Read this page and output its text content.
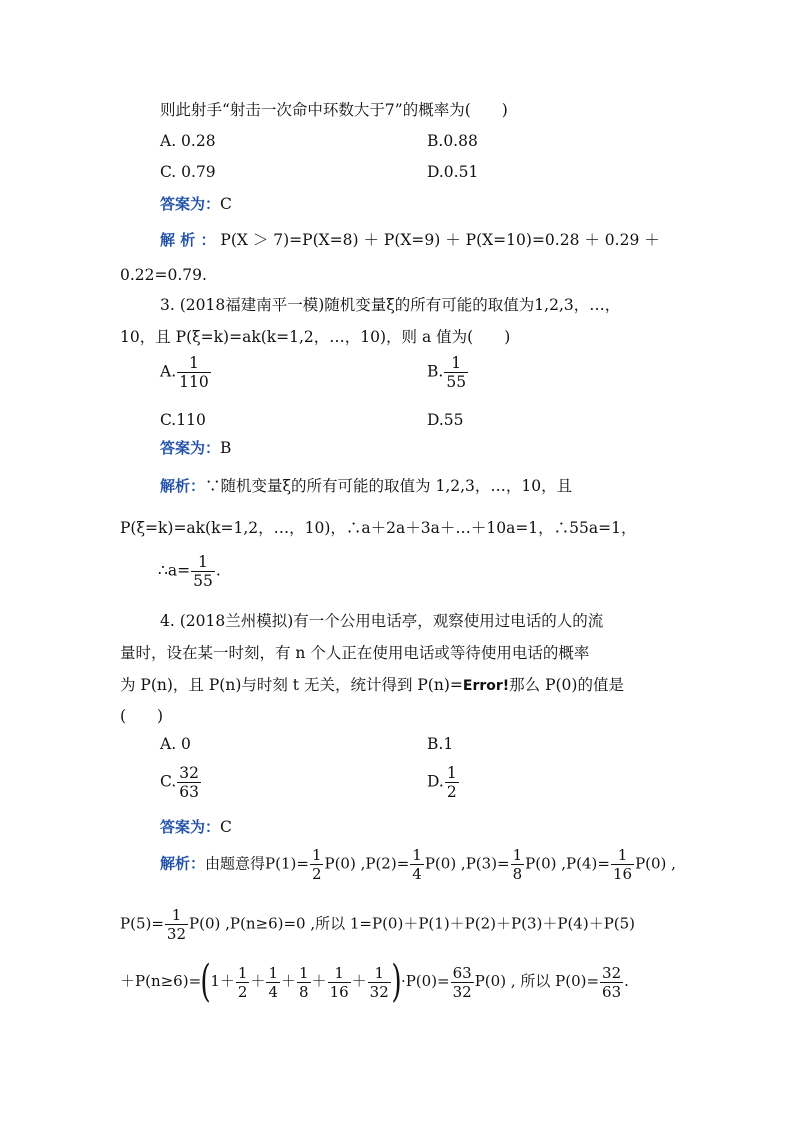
则此射手“射击一次命中环数大于7”的概率为(　　)
A. 0.28	B.0.88
C. 0.79	D.0.51
答案为：C
解 析 ： P(X ＞ 7)=P(X=8) ＋ P(X=9) ＋ P(X=10)=0.28 ＋ 0.29 ＋
0.22=0.79.
3. (2018福建南平一模)随机变量ξ的所有可能的取值为1,2,3，…，
10，且 P(ξ=k)=ak(k=1,2，…，10)，则 a 值为(　　)
A. $\frac{1}{110}$	B. $\frac{1}{55}$
C.110	D.55
答案为：B
解析：∵随机变量ξ的所有可能的取值为 1,2,3，…，10，且
P(ξ=k)=ak(k=1,2，…，10)，∴a＋2a＋3a＋…＋10a=1，∴55a=1，
∴a= $\frac{1}{55}$ .
4. (2018兰州模拟)有一个公用电话亭，观察使用过电话的人的流
量时，设在某一时刻，有 n 个人正在使用电话或等待使用电话的概率
为 P(n)，且 P(n)与时刻 t 无关，统计得到 P(n)=Error!那么 P(0)的值是
(　　)
A. 0	B.1
C. $\frac{32}{63}$	D. $\frac{1}{2}$
答案为：C
解析：由题意得$P(1)= \frac{1}{2} P(0)$ $,P(2)= \frac{1}{4} P(0)$ $,P(3)= \frac{1}{8} P(0)$ $,P(4)= \frac{1}{16} P(0)$ ,
$P(5)= \frac{1}{32} P(0)$ ,P(n≥6)=0 ,所以 1=P(0)＋P(1)＋P(2)＋P(3)＋P(4)＋P(5)
$+P(n\ge 6)=(1+ \frac{1}{2} + \frac{1}{4} + \frac{1}{8} + \frac{1}{16} + \frac{1}{32} )\cdot P(0)= \frac{63}{32} P(0)$ , 所以 $P(0)= \frac{32}{63}$ .
